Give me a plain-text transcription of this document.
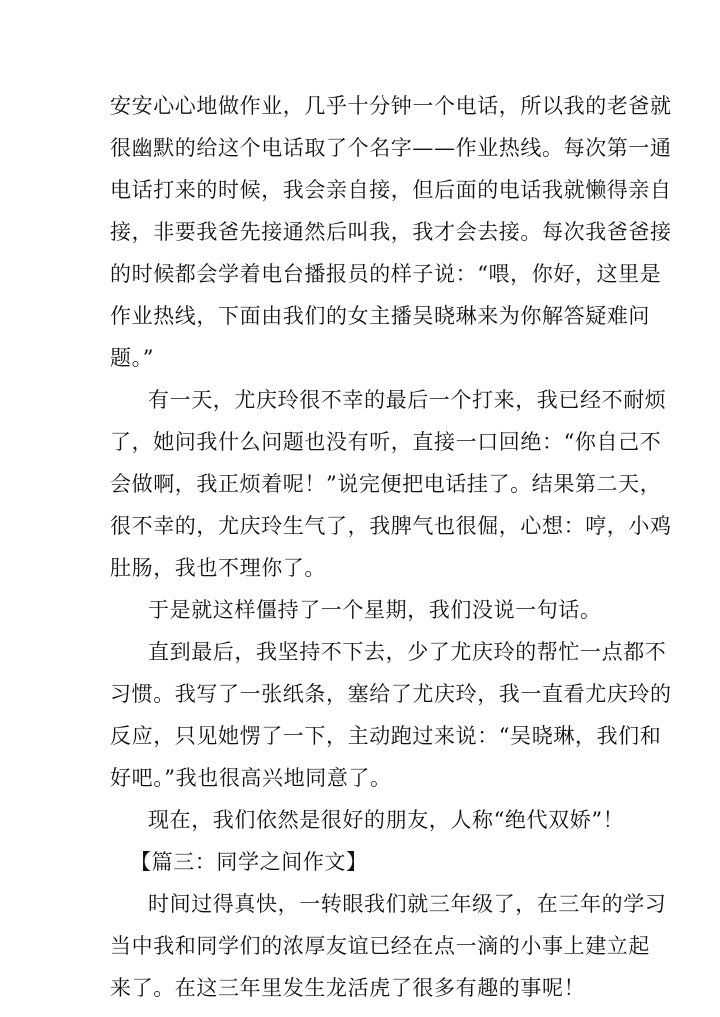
安安心心地做作业，几乎十分钟一个电话，所以我的老爸就
很幽默的给这个电话取了个名字——作业热线。每次第一通
电话打来的时候，我会亲自接，但后面的电话我就懒得亲自
接，非要我爸先接通然后叫我，我才会去接。每次我爸爸接
的时候都会学着电台播报员的样子说：“喂，你好，这里是
作业热线，下面由我们的女主播吴晓琳来为你解答疑难问
题。”
有一天，尤庆玲很不幸的最后一个打来，我已经不耐烦
了，她问我什么问题也没有听，直接一口回绝：“你自己不
会做啊，我正烦着呢！”说完便把电话挂了。结果第二天，
很不幸的，尤庆玲生气了，我脾气也很倔，心想：哼，小鸡
肚肠，我也不理你了。
于是就这样僵持了一个星期，我们没说一句话。
直到最后，我坚持不下去，少了尤庆玲的帮忙一点都不
习惯。我写了一张纸条，塞给了尤庆玲，我一直看尤庆玲的
反应，只见她愣了一下，主动跑过来说：“吴晓琳，我们和
好吧。”我也很高兴地同意了。
现在，我们依然是很好的朋友，人称“绝代双娇”！
【篇三：同学之间作文】
时间过得真快，一转眼我们就三年级了，在三年的学习
当中我和同学们的浓厚友谊已经在点一滴的小事上建立起
来了。在这三年里发生龙活虎了很多有趣的事呢！
